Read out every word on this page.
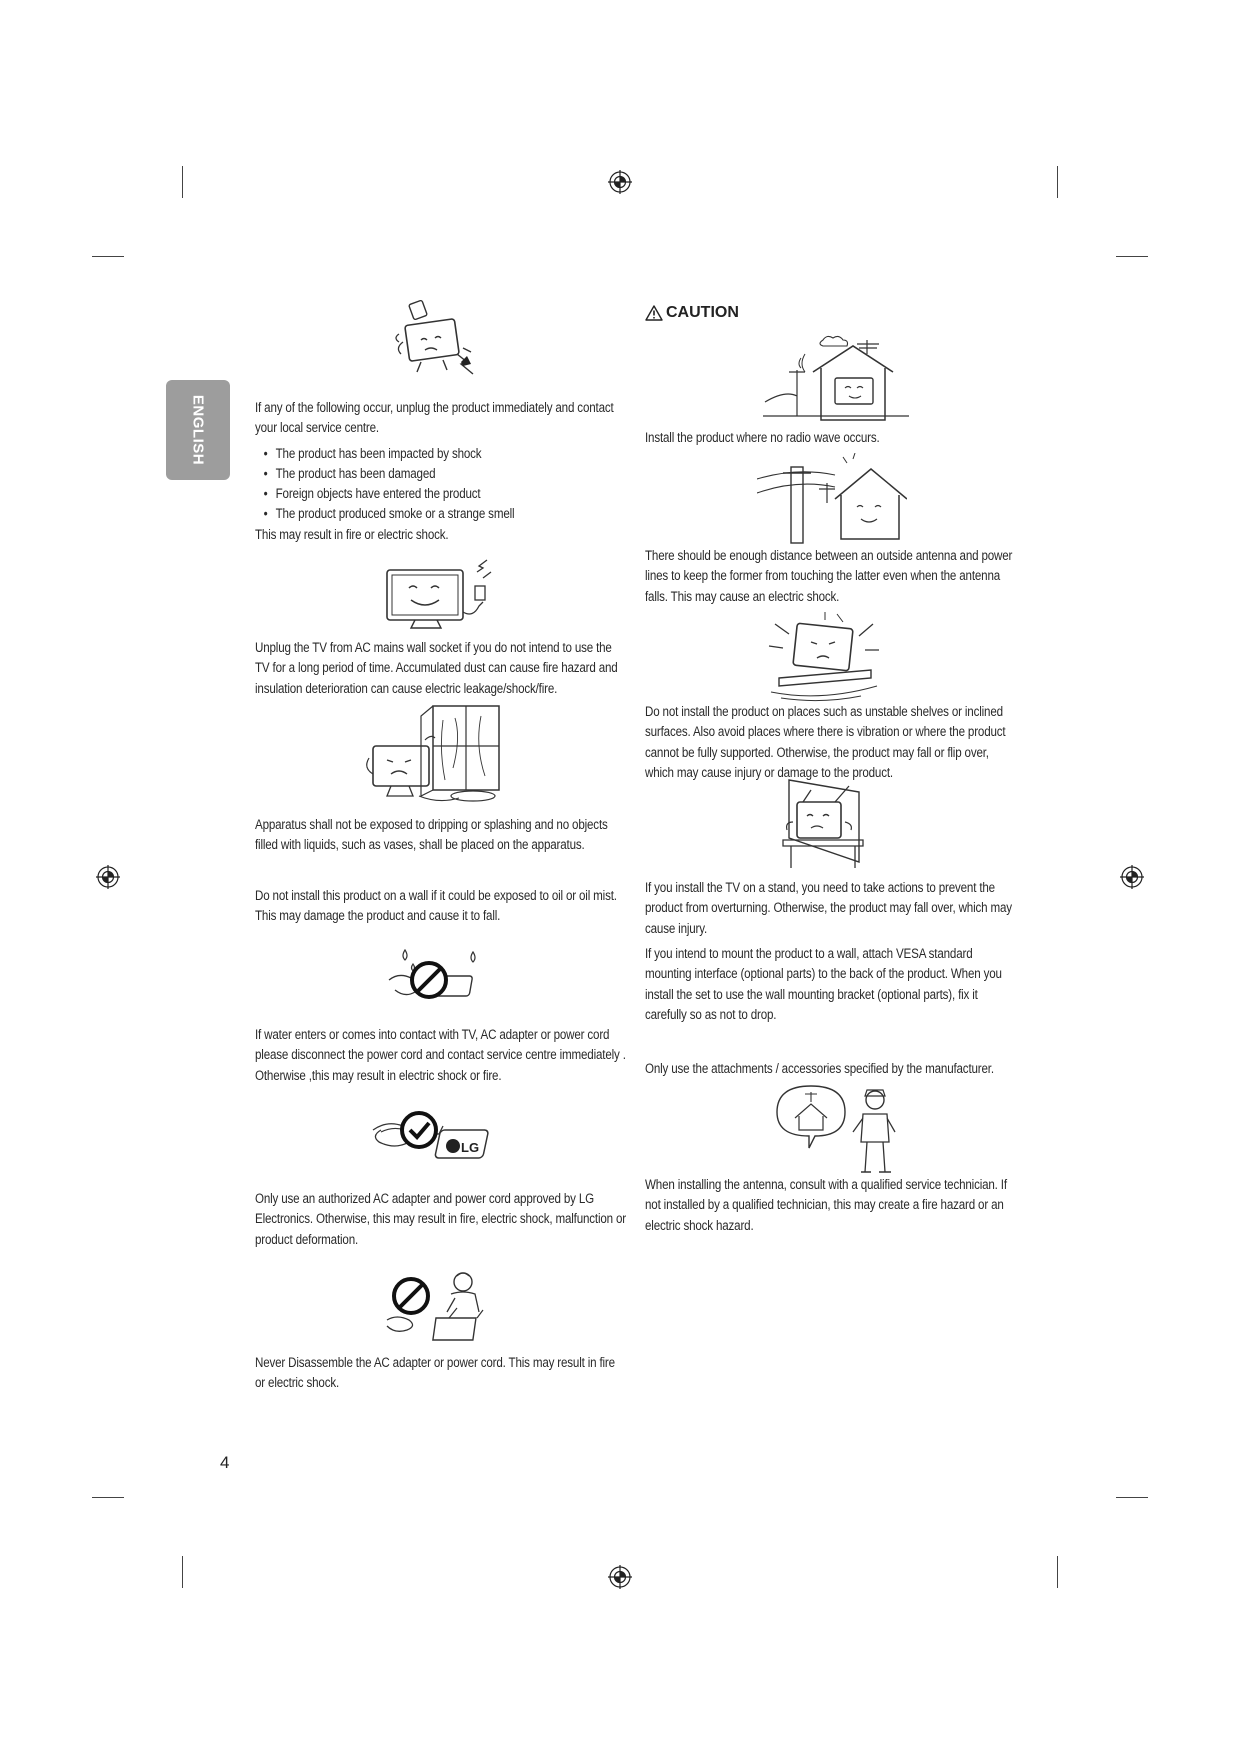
ENGLISH	If any of the following occur, unplug the product immediately and contact your local service centre.

• The product has been impacted by shock
• The product has been damaged
• Foreign objects have entered the product
• The product produced smoke or a strange smell

This may result in fire or electric shock.

Unplug the TV from AC mains wall socket if you do not intend to use the TV for a long period of time. Accumulated dust can cause fire hazard and insulation deterioration can cause electric leakage/shock/fire.

Apparatus shall not be exposed to dripping or splashing and no objects filled with liquids, such as vases, shall be placed on the apparatus.

Do not install this product on a wall if it could be exposed to oil or oil mist. This may damage the product and cause it to fall.

If water enters or comes into contact with TV, AC adapter or power cord please disconnect the power cord and contact service centre immediately . Otherwise ,this may result in electric shock or fire.

LG

Only use an authorized AC adapter and power cord approved by LG Electronics. Otherwise, this may result in fire, electric shock, malfunction or product deformation.

Never Disassemble the AC adapter or power cord. This may result in fire or electric shock.

CAUTION

Install the product where no radio wave occurs.

There should be enough distance between an outside antenna and power lines to keep the former from touching the latter even when the antenna falls. This may cause an electric shock.

Do not install the product on places such as unstable shelves or inclined surfaces. Also avoid places where there is vibration or where the product cannot be fully supported. Otherwise, the product may fall or flip over, which may cause injury or damage to the product.

If you install the TV on a stand, you need to take actions to prevent the product from overturning. Otherwise, the product may fall over, which may cause injury.

If you intend to mount the product to a wall, attach VESA standard mounting interface (optional parts) to the back of the product. When you install the set to use the wall mounting bracket (optional parts), fix it carefully so as not to drop.

Only use the attachments / accessories specified by the manufacturer.

When installing the antenna, consult with a qualified service technician. If not installed by a qualified technician, this may create a fire hazard or an electric shock hazard.

4
